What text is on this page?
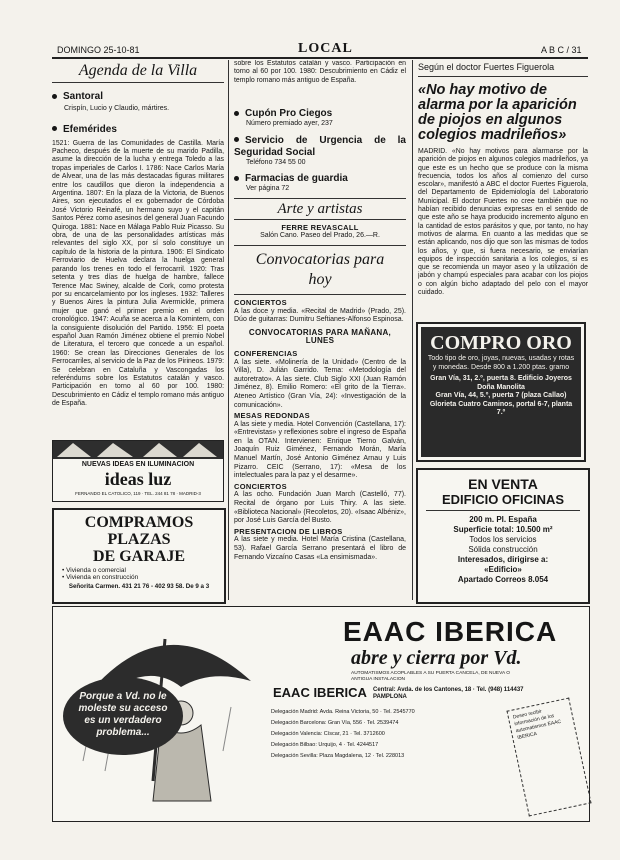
DOMINGO 25-10-81	LOCAL	A B C / 31
Agenda de la Villa
Santoral
Crispín, Lucio y Claudio, mártires.
Efemérides
1521: Guerra de las Comunidades de Castilla. María Pacheco, después de la muerte de su marido Padilla, asume la dirección de la lucha y entrega Toledo a las tropas imperiales de Carlos I. 1786: Nace Carlos María de Alvear, una de las más destacadas figuras militares entre los caudillos que dieron la independencia a Argentina. 1807: En la plaza de la Victoria, de Buenos Aires, son ejecutados el ex gobernador de Córdoba José Victorio Reinafé, un hermano suyo y el capitán Santos Pérez como asesinos del general Juan Facundo Quiroga. 1881: Nace en Málaga Pablo Ruiz Picasso. Su obra, de una de las personalidades artísticas más relevantes del siglo XX, por sí solo constituye un capítulo de la historia de la pintura. 1906: El Sindicato Ferroviario de Huelva declara la huelga general parando los trenes en todo el ferrocarril. 1920: Tras setenta y tres días de huelga de hambre, fallece Terence Mac Swiney, alcalde de Cork, como protesta por su encarcelamiento por los ingleses. 1932: Talleres y Buenos Aires la pintura Julia Avermickle, primera mujer que ganó el primer premio en el orden cronológico. 1947: Acuña se acerca a la Komintern, con la consiguiente disolución del Partido. 1956: El poeta español Juan Ramón Jiménez obtiene el premio Nobel de Literatura, el tercero que concede a un español. 1960: Se crean las Direcciones Generales de los Ferrocarriles, al servicio de la Paz de los Pirineos. 1979: Se celebran en Cataluña y Vascongadas los referéndums sobre los Estatutos catalán y vasco. Participación en torno al 60 por 100. 1980: Descubrimiento en Cádiz el templo romano más antiguo de España.
NUEVAS IDEAS EN ILUMINACION
ideas luz
FERNANDO EL CATOLICO, 119 · TEL. 244 81 78 · MADRID-3
COMPRAMOS
PLAZAS
DE GARAJE
• Vivienda o comercial
• Vivienda en construcción
Señorita Carmen. 431 21 76 - 402 93 58. De 9 a 3
sobre los Estatutos catalán y vasco. Participación en torno al 60 por 100. 1980: Descubrimiento en Cádiz el templo romano más antiguo de España.
Cupón Pro Ciegos
Número premiado ayer, 237
Servicio de Urgencia de la Seguridad Social
Teléfono 734 55 00
Farmacias de guardia
Ver página 72
Arte y artistas
FERRE REVASCALL
Salón Cano. Paseo del Prado, 26.—R.
Convocatorias para hoy
CONCIERTOS
A las doce y media. «Recital de Madrid» (Prado, 25). Dúo de guitarras: Dumitru Seftianes-Alfonso Espinosa.
CONVOCATORIAS PARA MAÑANA, LUNES
CONFERENCIAS
A las siete. «Molinería de la Unidad» (Centro de la Villa), D. Julián Garrido. Tema: «Metodología del autoretrato». A las siete. Club Siglo XXI (Juan Ramón Jiménez, 8). Emilio Romero: «El grito de la Tierra». Ateneo Artístico (Gran Vía, 24): «Investigación de la comunicación».
MESAS REDONDAS
A las siete y media. Hotel Convención (Castellana, 17): «Entrevistas» y reflexiones sobre el ingreso de España en la OTAN. Intervienen: Enrique Tierno Galván, Joaquín Ruiz Giménez, Fernando Morán, María Manuel Martín, José Antonio Giménez Arnau y Luis Pizarro. CEIC (Serrano, 17): «Mesa de los intelectuales para la paz y el desarme».
CONCIERTOS
A las ocho. Fundación Juan March (Castelló, 77). Recital de órgano por Luis Thiry. A las siete. «Biblioteca Nacional» (Recoletos, 20). «Isaac Albéniz», por José Luis García del Busto.
PRESENTACION DE LIBROS
A las siete y media. Hotel María Cristina (Castellana, 53). Rafael García Serrano presentará el libro de Fernando Vizcaíno Casas «La ensimismada».
Según el doctor Fuertes Figuerola
«No hay motivo de alarma por la aparición de piojos en algunos colegios madrileños»
MADRID. «No hay motivos para alarmarse por la aparición de piojos en algunos colegios madrileños, ya que este es un hecho que se produce con la misma frecuencia, todos los años al comienzo del curso escolar», manifestó a ABC el doctor Fuertes Figuerola, del Departamento de Epidemiología del Laboratorio Municipal. El doctor Fuertes no cree también que no habían recibido denuncias expresas en el sentido de que este año se haya producido incremento alguno en la cantidad de estos parásitos y que, por tanto, no hay motivos de alarma. En cuanto a las medidas que se están aplicando, nos dijo que son las mismas de todos los años, y que, si fuera necesario, se enviarían equipos de inspección sanitaria a los colegios, si es que se recomienda un mayor aseo y la utilización de jabón y champú especiales para acabar con los piojos o con algún bicho adaptado del pelo con el mayor cuidado.
COMPRO ORO
Todo tipo de oro, joyas, nuevas, usadas y rotas y monedas. Desde 800 a 1.200 ptas. gramo
Gran Vía, 31, 2.º, puerta 8. Edificio Joyeros Doña Manolita
Gran Vía, 44, 5.º, puerta 7 (plaza Callao)
Glorieta Cuatro Caminos, portal 6-7, planta 7.º
EN VENTA
EDIFICIO OFICINAS
200 m. Pl. España
Superficie total: 10.500 m²
Todos los servicios
Sólida construcción
Interesados, dirigirse a:
«Edificio»
Apartado Correos 8.054
Porque a Vd. no le moleste su acceso es un verdadero problema...
EAAC IBERICA
abre y cierra por Vd.
AUTOMATISMOS ACOPLABLES A SU PUERTA CANCELA, DE NUEVA O ANTIGUA INSTALACION
EAAC IBERICA Central: Avda. de los Cantones, 18 · Tel. (948) 114437 PAMPLONA
Delegación Madrid: Avda. Reina Victoria, 50 · Tel. 2545770
Delegación Barcelona: Gran Vía, 556 · Tel. 2539474
Delegación Valencia: Císcar, 21 · Tel. 3712600
Delegación Bilbao: Urquijo, 4 · Tel. 4244517
Delegación Sevilla: Plaza Magdalena, 12 · Tel. 228013
Deseo recibir información de los automatismos EAAC IBERICA
